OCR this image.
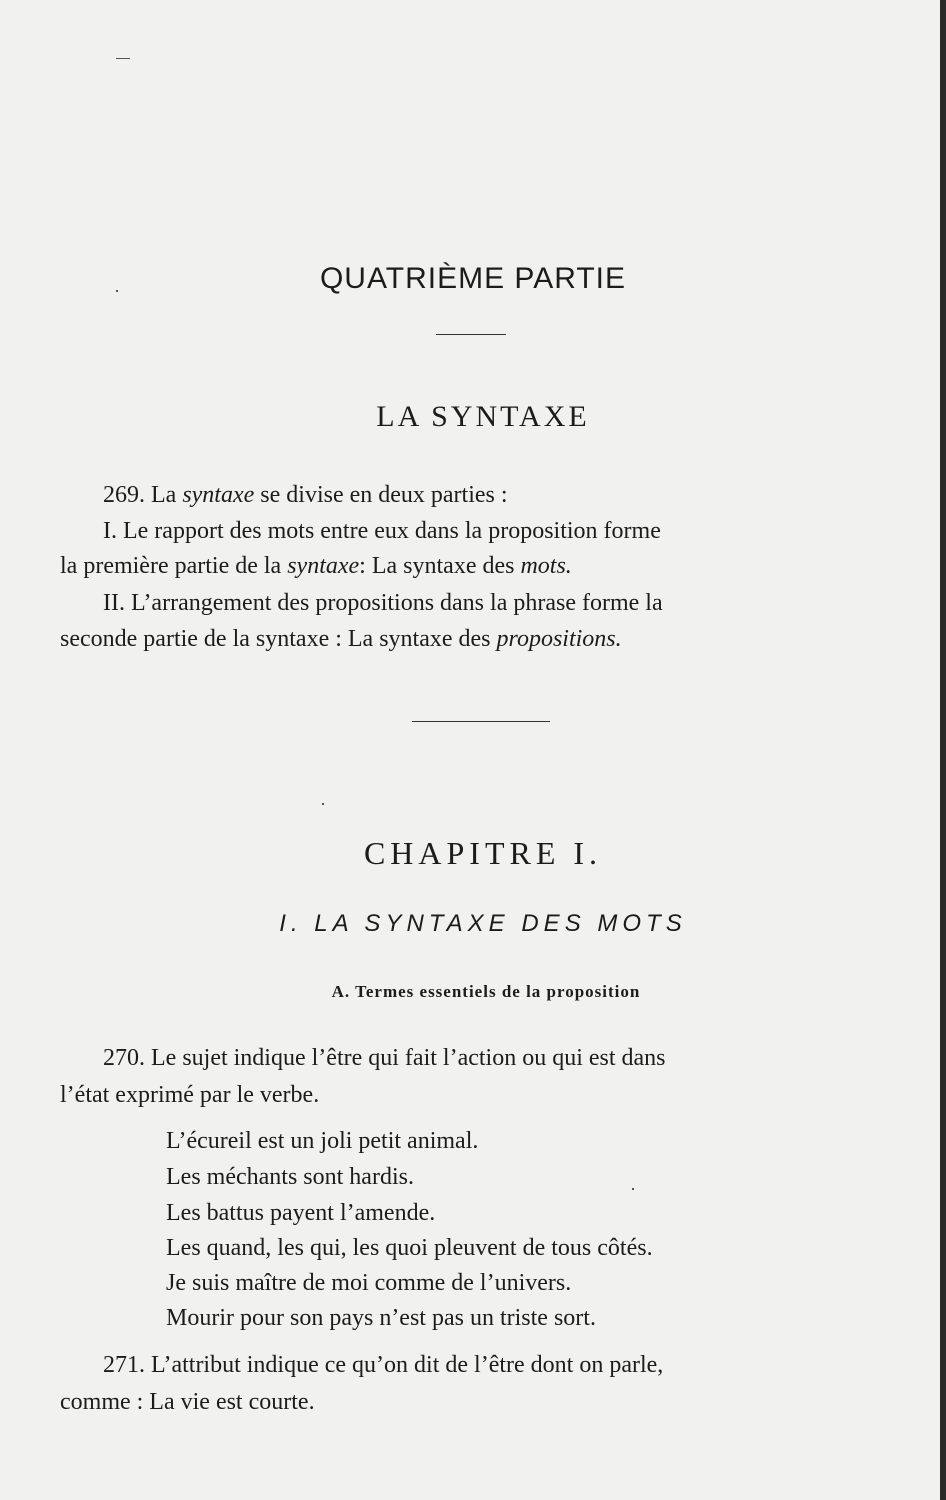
QUATRIÈME PARTIE
LA SYNTAXE
269. La syntaxe se divise en deux parties :
I. Le rapport des mots entre eux dans la proposition forme
la première partie de la syntaxe: La syntaxe des mots.
II. L’arrangement des propositions dans la phrase forme la
seconde partie de la syntaxe : La syntaxe des propositions.
CHAPITRE I.
I. LA SYNTAXE DES MOTS
A. Termes essentiels de la proposition
270. Le sujet indique l’être qui fait l’action ou qui est dans
l’état exprimé par le verbe.
L’écureil est un joli petit animal.
Les méchants sont hardis.
Les battus payent l’amende.
Les quand, les qui, les quoi pleuvent de tous côtés.
Je suis maître de moi comme de l’univers.
Mourir pour son pays n’est pas un triste sort.
271. L’attribut indique ce qu’on dit de l’être dont on parle,
comme : La vie est courte.
